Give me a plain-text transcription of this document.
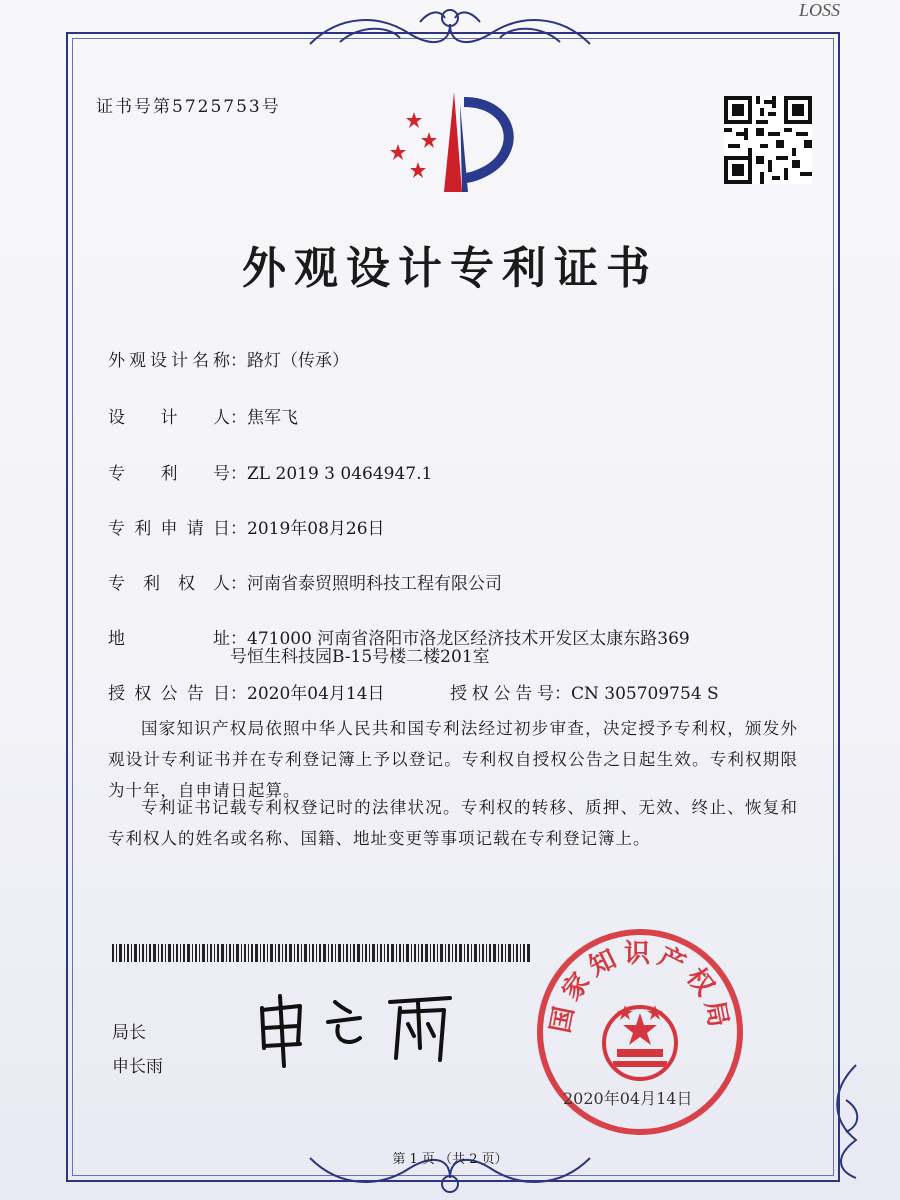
LOSS
证书号第5725753号
外观设计专利证书
外观设计名称：路灯（传承）
设计人：焦军飞
专利号：ZL 2019 3 0464947.1
专利申请日：2019年08月26日
专利权人：河南省泰贸照明科技工程有限公司
地址：471000 河南省洛阳市洛龙区经济技术开发区太康东路369
号恒生科技园B-15号楼二楼201室
授权公告日：2020年04月14日	授权公告号：CN 305709754 S
国家知识产权局依照中华人民共和国专利法经过初步审查，决定授予专利权，颁发外观设计专利证书并在专利登记簿上予以登记。专利权自授权公告之日起生效。专利权期限为十年，自申请日起算。
专利证书记载专利权登记时的法律状况。专利权的转移、质押、无效、终止、恢复和专利权人的姓名或名称、国籍、地址变更等事项记载在专利登记簿上。
局长
申长雨
国家知识产权局
2020年04月14日
第 1 页 （共 2 页）
